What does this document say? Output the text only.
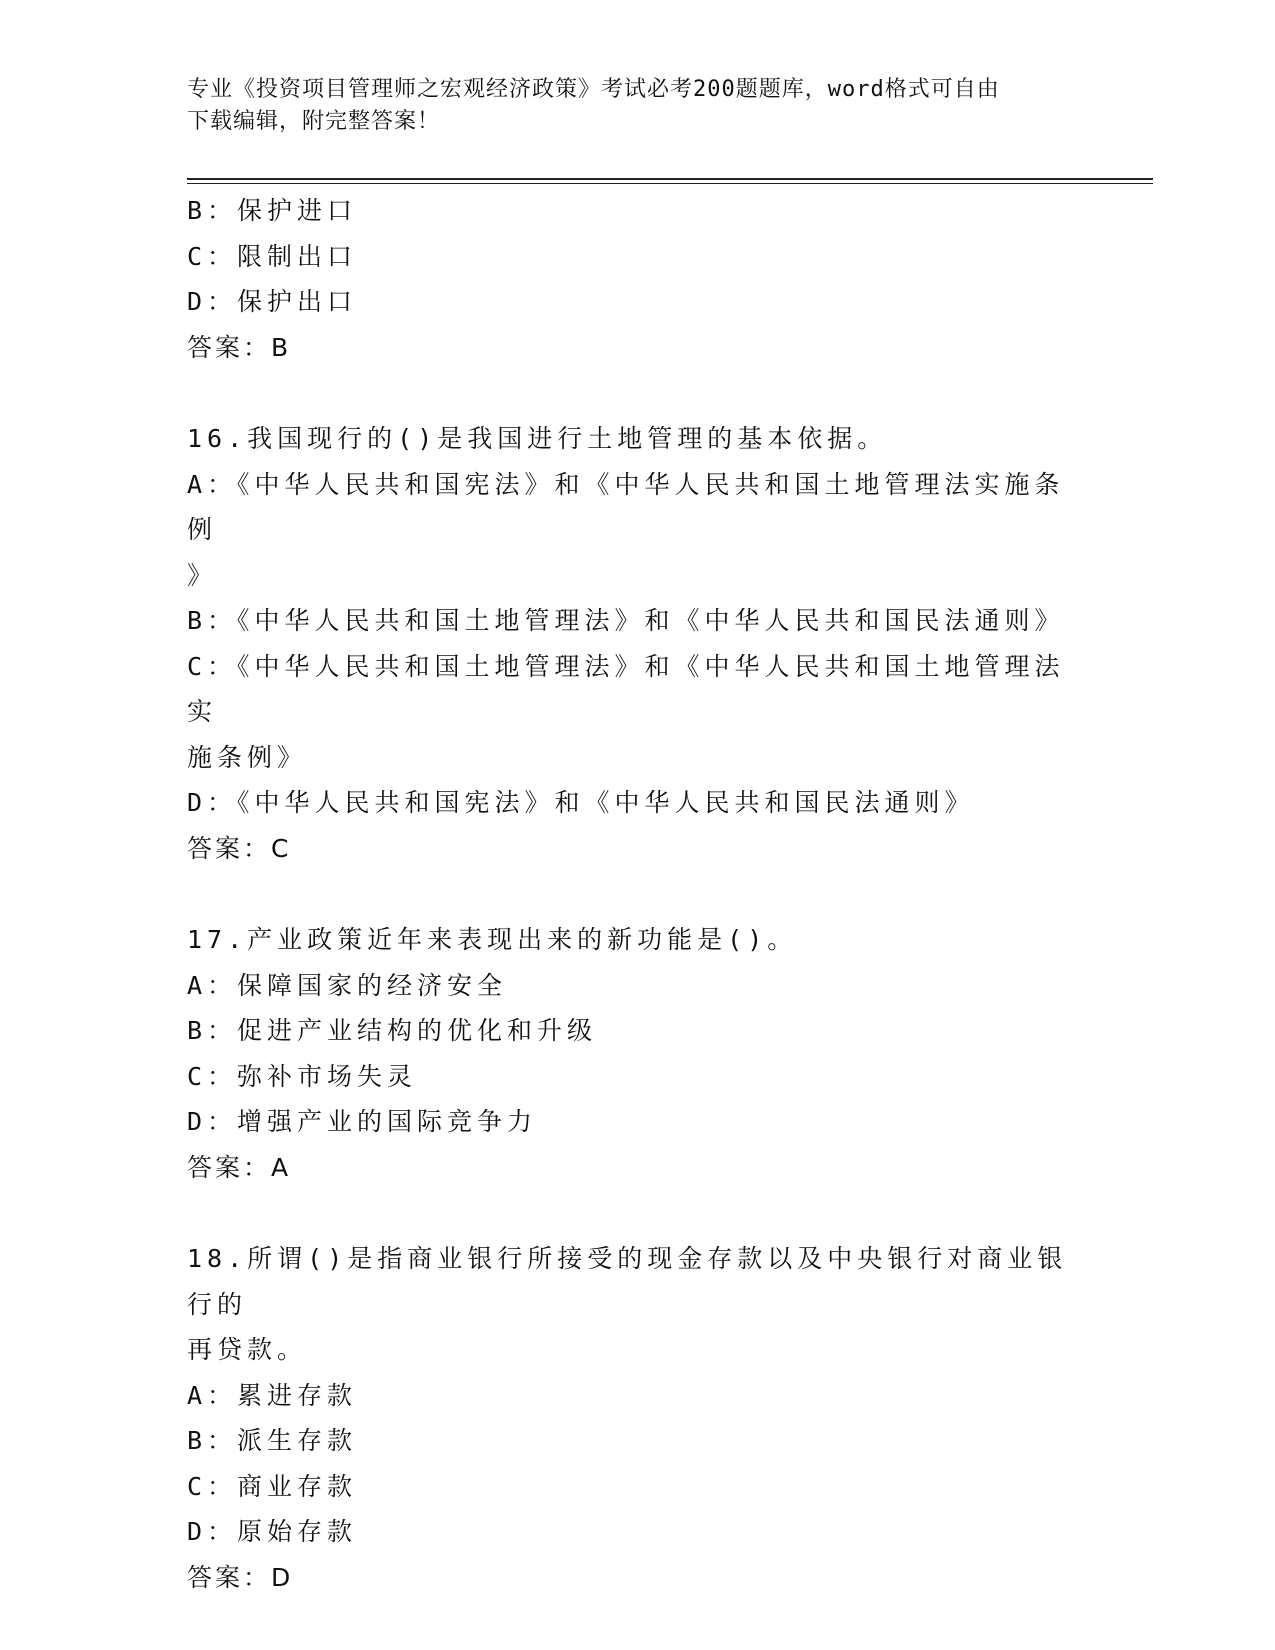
专业《投资项目管理师之宏观经济政策》考试必考200题题库，word格式可自由
下载编辑，附完整答案！

B：保护进口

C：限制出口

D：保护出口

答案：B

16.我国现行的()是我国进行土地管理的基本依据。

A：《中华人民共和国宪法》和《中华人民共和国土地管理法实施条例

》

B：《中华人民共和国土地管理法》和《中华人民共和国民法通则》

C：《中华人民共和国土地管理法》和《中华人民共和国土地管理法实

施条例》

D：《中华人民共和国宪法》和《中华人民共和国民法通则》

答案：C

17.产业政策近年来表现出来的新功能是()。

A：保障国家的经济安全

B：促进产业结构的优化和升级

C：弥补市场失灵

D：增强产业的国际竞争力

答案：A

18.所谓()是指商业银行所接受的现金存款以及中央银行对商业银行的

再贷款。

A：累进存款

B：派生存款

C：商业存款

D：原始存款

答案：D
